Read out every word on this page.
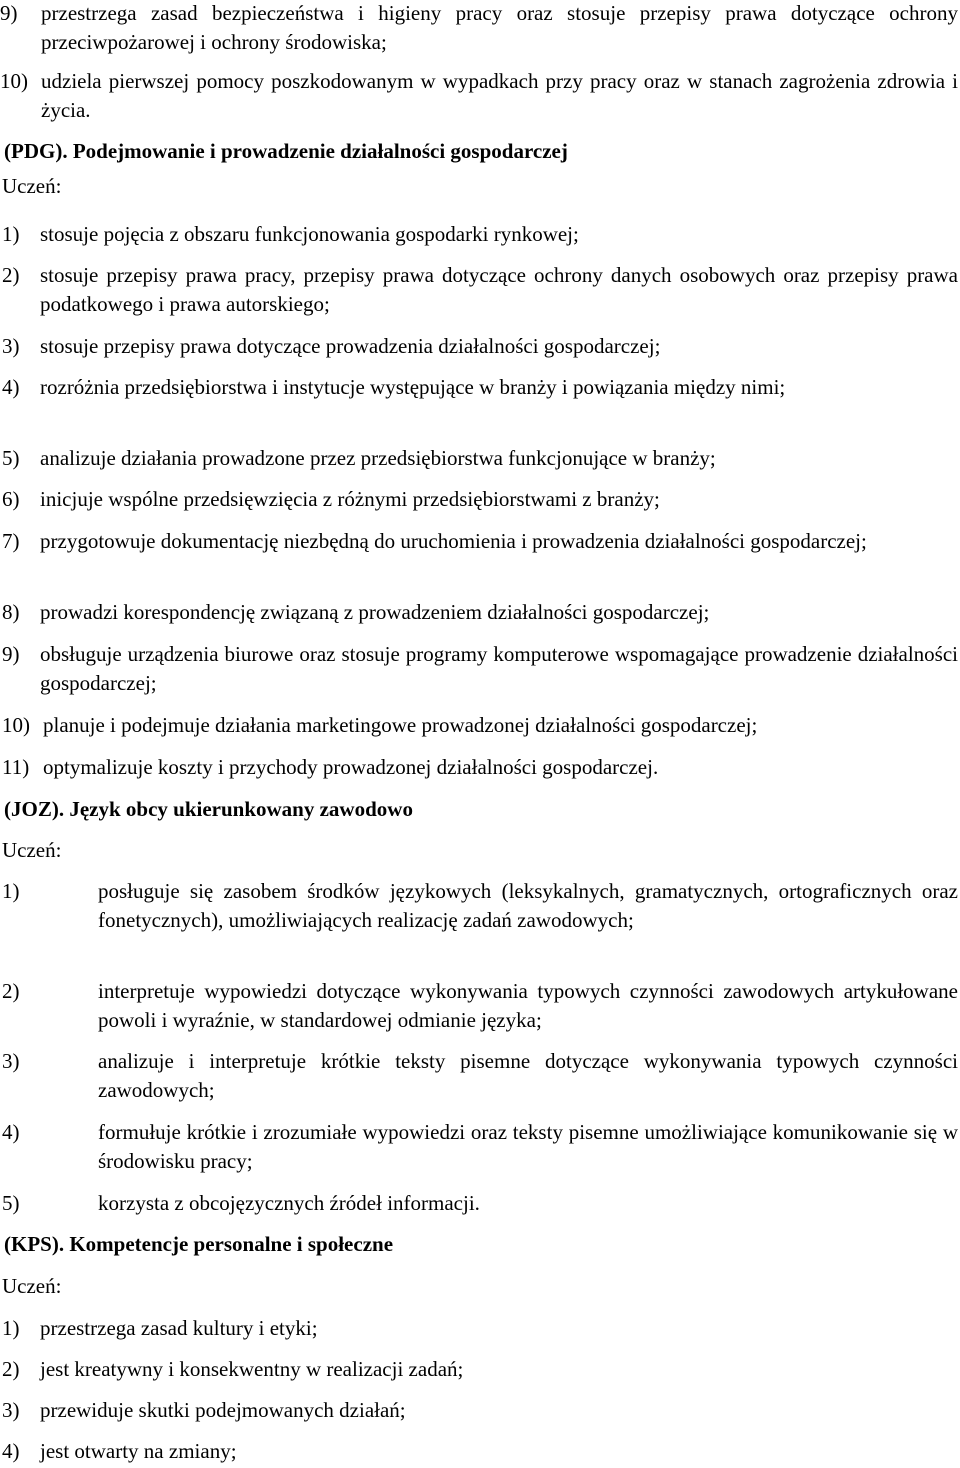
9)	przestrzega zasad bezpieczeństwa i higieny pracy oraz stosuje przepisy prawa dotyczące ochrony przeciwpożarowej i ochrony środowiska;
10) udziela pierwszej pomocy poszkodowanym w wypadkach przy pracy oraz w stanach zagrożenia zdrowia i życia.
(PDG). Podejmowanie i prowadzenie działalności gospodarczej
Uczeń:
1) stosuje pojęcia z obszaru funkcjonowania gospodarki rynkowej;
2) stosuje przepisy prawa pracy, przepisy prawa dotyczące ochrony danych osobowych oraz przepisy prawa podatkowego i prawa autorskiego;
3) stosuje przepisy prawa dotyczące prowadzenia działalności gospodarczej;
4) rozróżnia przedsiębiorstwa i instytucje występujące w branży i powiązania między nimi;
5) analizuje działania prowadzone przez przedsiębiorstwa funkcjonujące w branży;
6) inicjuje wspólne przedsięwzięcia z różnymi przedsiębiorstwami z branży;
7) przygotowuje dokumentację niezbędną do uruchomienia i prowadzenia działalności gospodarczej;
8) prowadzi korespondencję związaną z prowadzeniem działalności gospodarczej;
9) obsługuje urządzenia biurowe oraz stosuje programy komputerowe wspomagające prowadzenie działalności gospodarczej;
10) planuje i podejmuje działania marketingowe prowadzonej działalności gospodarczej;
11) optymalizuje koszty i przychody prowadzonej działalności gospodarczej.
(JOZ). Język obcy ukierunkowany zawodowo
Uczeń:
1)	posługuje się zasobem środków językowych (leksykalnych, gramatycznych, ortograficznych oraz fonetycznych), umożliwiających realizację zadań zawodowych;
2)	interpretuje wypowiedzi dotyczące wykonywania typowych czynności zawodowych artykułowane powoli i wyraźnie, w standardowej odmianie języka;
3)	analizuje i interpretuje krótkie teksty pisemne dotyczące wykonywania typowych czynności zawodowych;
4)	formułuje krótkie i zrozumiałe wypowiedzi oraz teksty pisemne umożliwiające komunikowanie się w środowisku pracy;
5)	korzysta z obcojęzycznych źródeł informacji.
(KPS). Kompetencje personalne i społeczne
Uczeń:
1) przestrzega zasad kultury i etyki;
2) jest kreatywny i konsekwentny w realizacji zadań;
3) przewiduje skutki podejmowanych działań;
4) jest otwarty na zmiany;
